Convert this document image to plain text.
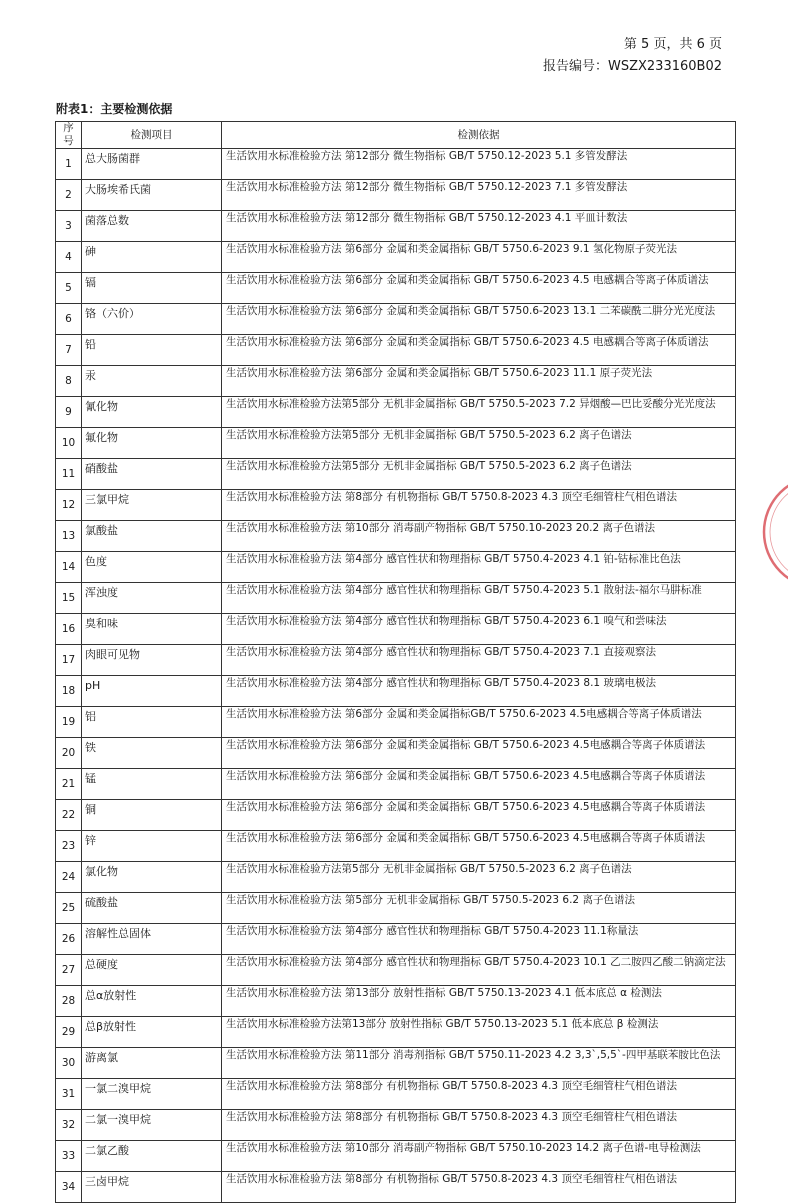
第 5 页，共 6 页
报告编号：WSZX233160B02
附表1：主要检测依据
序号	检测项目	检测依据
1	总大肠菌群	生活饮用水标准检验方法 第12部分 微生物指标 GB/T 5750.12-2023 5.1 多管发酵法
2	大肠埃希氏菌	生活饮用水标准检验方法 第12部分 微生物指标 GB/T 5750.12-2023 7.1 多管发酵法
3	菌落总数	生活饮用水标准检验方法 第12部分 微生物指标 GB/T 5750.12-2023 4.1 平皿计数法
4	砷	生活饮用水标准检验方法 第6部分 金属和类金属指标 GB/T 5750.6-2023 9.1 氢化物原子荧光法
5	镉	生活饮用水标准检验方法 第6部分 金属和类金属指标 GB/T 5750.6-2023 4.5 电感耦合等离子体质谱法
6	铬（六价）	生活饮用水标准检验方法 第6部分 金属和类金属指标 GB/T 5750.6-2023 13.1 二苯碳酰二肼分光光度法
7	铅	生活饮用水标准检验方法 第6部分 金属和类金属指标 GB/T 5750.6-2023 4.5 电感耦合等离子体质谱法
8	汞	生活饮用水标准检验方法 第6部分 金属和类金属指标 GB/T 5750.6-2023 11.1 原子荧光法
9	氰化物	生活饮用水标准检验方法第5部分 无机非金属指标 GB/T 5750.5-2023 7.2 异烟酸—巴比妥酸分光光度法
10	氟化物	生活饮用水标准检验方法第5部分 无机非金属指标 GB/T 5750.5-2023 6.2 离子色谱法
11	硝酸盐	生活饮用水标准检验方法第5部分 无机非金属指标 GB/T 5750.5-2023 6.2 离子色谱法
12	三氯甲烷	生活饮用水标准检验方法 第8部分 有机物指标 GB/T 5750.8-2023 4.3 顶空毛细管柱气相色谱法
13	氯酸盐	生活饮用水标准检验方法 第10部分 消毒副产物指标 GB/T 5750.10-2023 20.2 离子色谱法
14	色度	生活饮用水标准检验方法 第4部分 感官性状和物理指标 GB/T 5750.4-2023 4.1 铂-钴标准比色法
15	浑浊度	生活饮用水标准检验方法 第4部分 感官性状和物理指标 GB/T 5750.4-2023 5.1 散射法-福尔马肼标准
16	臭和味	生活饮用水标准检验方法 第4部分 感官性状和物理指标 GB/T 5750.4-2023 6.1 嗅气和尝味法
17	肉眼可见物	生活饮用水标准检验方法 第4部分 感官性状和物理指标 GB/T 5750.4-2023 7.1 直接观察法
18	pH	生活饮用水标准检验方法 第4部分 感官性状和物理指标 GB/T 5750.4-2023 8.1 玻璃电极法
19	铝	生活饮用水标准检验方法 第6部分 金属和类金属指标GB/T 5750.6-2023 4.5电感耦合等离子体质谱法
20	铁	生活饮用水标准检验方法 第6部分 金属和类金属指标 GB/T 5750.6-2023 4.5电感耦合等离子体质谱法
21	锰	生活饮用水标准检验方法 第6部分 金属和类金属指标 GB/T 5750.6-2023 4.5电感耦合等离子体质谱法
22	铜	生活饮用水标准检验方法 第6部分 金属和类金属指标 GB/T 5750.6-2023 4.5电感耦合等离子体质谱法
23	锌	生活饮用水标准检验方法 第6部分 金属和类金属指标 GB/T 5750.6-2023 4.5电感耦合等离子体质谱法
24	氯化物	生活饮用水标准检验方法第5部分 无机非金属指标 GB/T 5750.5-2023 6.2 离子色谱法
25	硫酸盐	生活饮用水标准检验方法 第5部分 无机非金属指标 GB/T 5750.5-2023 6.2 离子色谱法
26	溶解性总固体	生活饮用水标准检验方法 第4部分 感官性状和物理指标 GB/T 5750.4-2023 11.1称量法
27	总硬度	生活饮用水标准检验方法 第4部分 感官性状和物理指标 GB/T 5750.4-2023 10.1 乙二胺四乙酸二钠滴定法
28	总α放射性	生活饮用水标准检验方法 第13部分 放射性指标 GB/T 5750.13-2023 4.1 低本底总 α 检测法
29	总β放射性	生活饮用水标准检验方法第13部分 放射性指标 GB/T 5750.13-2023 5.1 低本底总 β 检测法
30	游离氯	生活饮用水标准检验方法 第11部分 消毒剂指标 GB/T 5750.11-2023 4.2 3,3`,5,5`-四甲基联苯胺比色法
31	一氯二溴甲烷	生活饮用水标准检验方法 第8部分 有机物指标 GB/T 5750.8-2023 4.3 顶空毛细管柱气相色谱法
32	二氯一溴甲烷	生活饮用水标准检验方法 第8部分 有机物指标 GB/T 5750.8-2023 4.3 顶空毛细管柱气相色谱法
33	二氯乙酸	生活饮用水标准检验方法 第10部分 消毒副产物指标 GB/T 5750.10-2023 14.2 离子色谱-电导检测法
34	三卤甲烷	生活饮用水标准检验方法 第8部分 有机物指标 GB/T 5750.8-2023 4.3 顶空毛细管柱气相色谱法
